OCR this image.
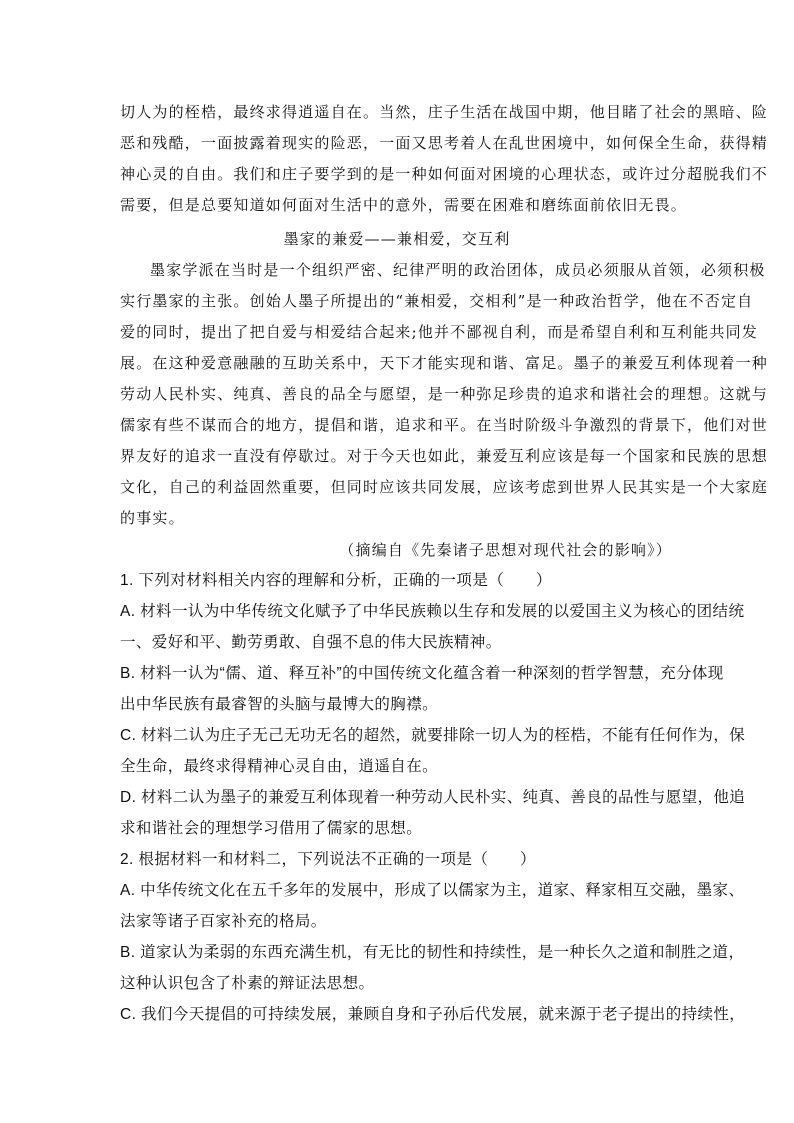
切人为的桎梏，最终求得逍遥自在。当然，庄子生活在战国中期，他目睹了社会的黑暗、险
恶和残酷，一面披露着现实的险恶，一面又思考着人在乱世困境中，如何保全生命，获得精
神心灵的自由。我们和庄子要学到的是一种如何面对困境的心理状态，或许过分超脱我们不
需要，但是总要知道如何面对生活中的意外，需要在困难和磨练面前依旧无畏。
墨家的兼爱——兼相爱，交互利
墨家学派在当时是一个组织严密、纪律严明的政治团体，成员必须服从首领，必须积极
实行墨家的主张。创始人墨子所提出的“兼相爱，交相利”是一种政治哲学，他在不否定自
爱的同时，提出了把自爱与相爱结合起来;他并不鄙视自利，而是希望自利和互利能共同发
展。在这种爱意融融的互助关系中，天下才能实现和谐、富足。墨子的兼爱互利体现着一种
劳动人民朴实、纯真、善良的品全与愿望，是一种弥足珍贵的追求和谐社会的理想。这就与
儒家有些不谋而合的地方，提倡和谐，追求和平。在当时阶级斗争激烈的背景下，他们对世
界友好的追求一直没有停歇过。对于今天也如此，兼爱互利应该是每一个国家和民族的思想
文化，自己的利益固然重要，但同时应该共同发展，应该考虑到世界人民其实是一个大家庭
的事实。
（摘编自《先秦诸子思想对现代社会的影响》）
1. 下列对材料相关内容的理解和分析，正确的一项是（　　）
A. 材料一认为中华传统文化赋予了中华民族赖以生存和发展的以爱国主义为核心的团结统
一、爱好和平、勤劳勇敢、自强不息的伟大民族精神。
B. 材料一认为“儒、道、释互补”的中国传统文化蕴含着一种深刻的哲学智慧，充分体现
出中华民族有最睿智的头脑与最博大的胸襟。
C. 材料二认为庄子无己无功无名的超然，就要排除一切人为的桎梏，不能有任何作为，保
全生命，最终求得精神心灵自由，逍遥自在。
D. 材料二认为墨子的兼爱互利体现着一种劳动人民朴实、纯真、善良的品性与愿望，他追
求和谐社会的理想学习借用了儒家的思想。
2. 根据材料一和材料二，下列说法不正确的一项是（　　）
A. 中华传统文化在五千多年的发展中，形成了以儒家为主，道家、释家相互交融，墨家、
法家等诸子百家补充的格局。
B. 道家认为柔弱的东西充满生机，有无比的韧性和持续性，是一种长久之道和制胜之道，
这种认识包含了朴素的辩证法思想。
C. 我们今天提倡的可持续发展，兼顾自身和子孙后代发展，就来源于老子提出的持续性，
